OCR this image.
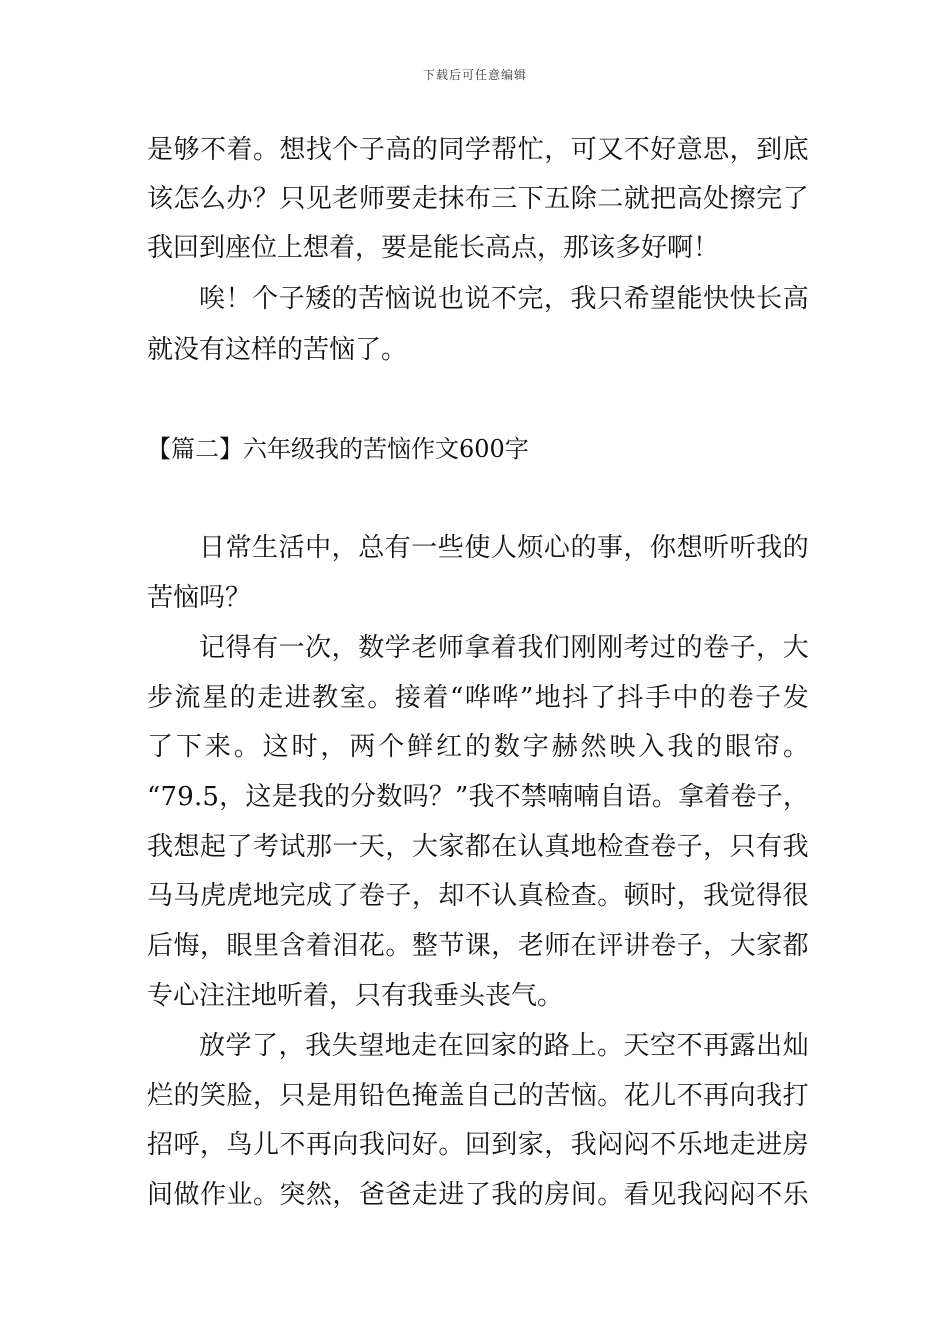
下载后可任意编辑
是 够 不 着 。 想 找 个 子 高 的 同 学 帮 忙 ， 可 又 不 好 意 思 ， 到 底
该 怎 么 办 ？ 只 见 老 师 要 走 抹 布 三 下 五 除 二 就 把 高 处 擦 完 了
我回到座位上想着，要是能长高点，那该多好啊！
唉 ！ 个 子 矮 的 苦 恼 说 也 说 不 完 ， 我 只 希 望 能 快 快 长 高
就没有这样的苦恼了。
【篇二】六年级我的苦恼作文600字
日 常 生 活 中 ， 总 有 一 些 使 人 烦 心 的 事 ， 你 想 听 听 我 的
苦恼吗？
记 得 有 一 次 ， 数 学 老 师 拿 着 我 们 刚 刚 考 过 的 卷 子 ， 大
步 流 星 的 走 进 教 室 。 接 着 “ 哗 哗 ” 地 抖 了 抖 手 中 的 卷 子 发
了 下 来 。 这 时 ， 两 个 鲜 红 的 数 字 赫 然 映 入 我 的 眼 帘 。
“ 7 9 . 5 ， 这 是 我 的 分 数 吗 ？ ” 我 不 禁 喃 喃 自 语 。 拿 着 卷 子 ，
我 想 起 了 考 试 那 一 天 ， 大 家 都 在 认 真 地 检 查 卷 子 ， 只 有 我
马 马 虎 虎 地 完 成 了 卷 子 ， 却 不 认 真 检 查 。 顿 时 ， 我 觉 得 很
后 悔 ， 眼 里 含 着 泪 花 。 整 节 课 ， 老 师 在 评 讲 卷 子 ， 大 家 都
专心注注地听着，只有我垂头丧气。
放 学 了 ， 我 失 望 地 走 在 回 家 的 路 上 。 天 空 不 再 露 出 灿
烂 的 笑 脸 ， 只 是 用 铅 色 掩 盖 自 己 的 苦 恼 。 花 儿 不 再 向 我 打
招 呼 ， 鸟 儿 不 再 向 我 问 好 。 回 到 家 ， 我 闷 闷 不 乐 地 走 进 房
间 做 作 业 。 突 然 ， 爸 爸 走 进 了 我 的 房 间 。 看 见 我 闷 闷 不 乐
